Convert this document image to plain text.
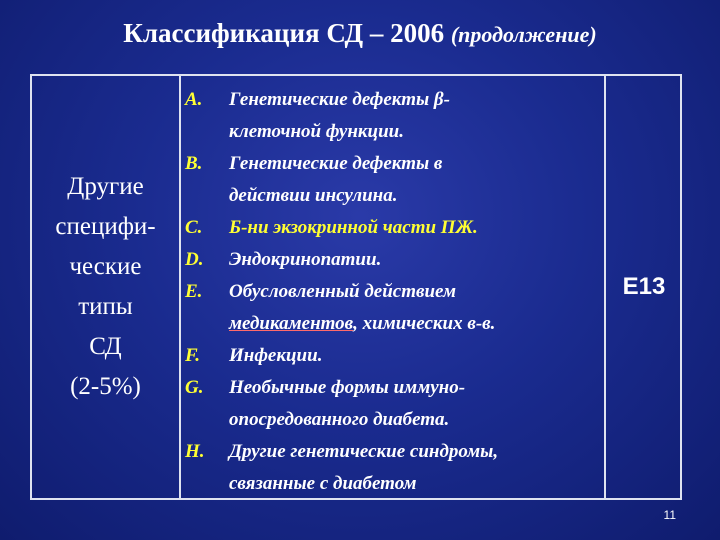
Классификация СД – 2006 (продолжение)
Другие
специфи-
ческие
типы
СД
(2-5%)
A. Генетические дефекты β-
клеточной функции.
B. Генетические дефекты в
действии инсулина.
C. Б-ни экзокринной части ПЖ.
D. Эндокринопатии.
E. Обусловленный действием
медикаментов, химических в-в.
F. Инфекции.
G. Необычные формы иммуно-
опосредованного диабета.
H. Другие генетические синдромы,
связанные с диабетом
E13
11
